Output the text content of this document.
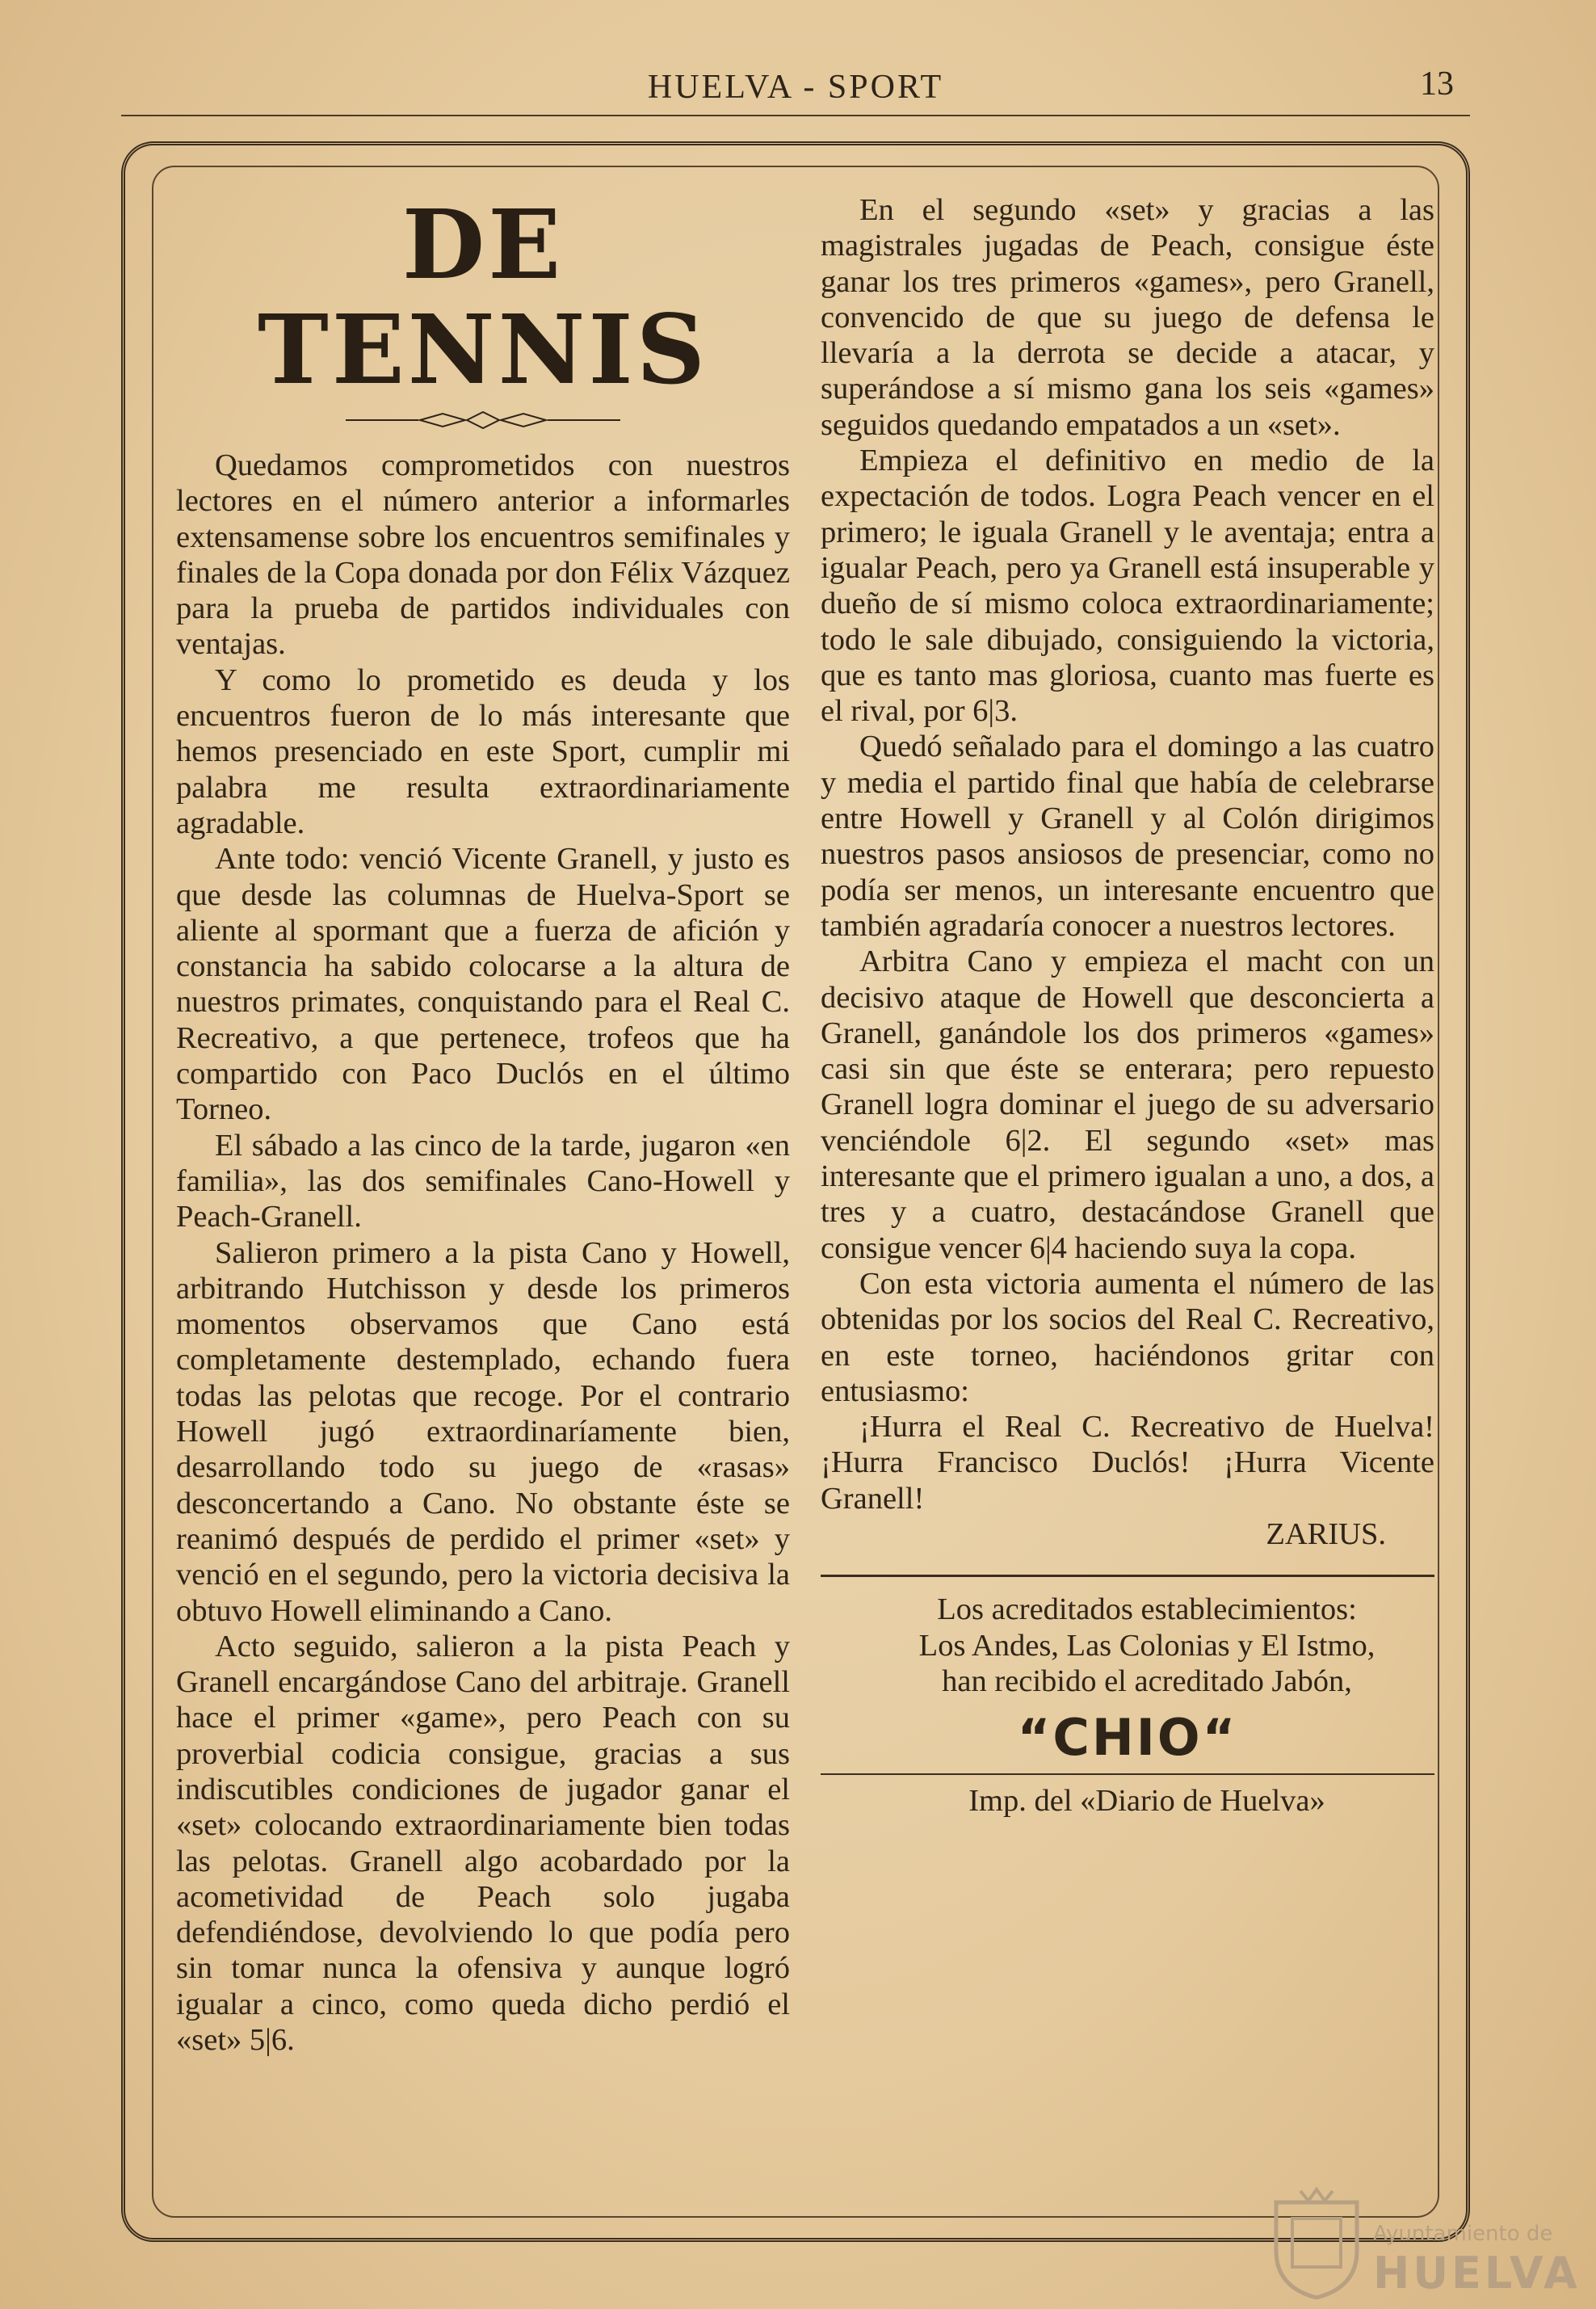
HUELVA - SPORT	13
DE TENNIS

Quedamos comprometidos con nuestros lectores en el número anterior a informarles extensamense sobre los encuentros semifinales y finales de la Copa donada por don Félix Vázquez para la prueba de partidos individuales con ventajas.

Y como lo prometido es deuda y los encuentros fueron de lo más interesante que hemos presenciado en este Sport, cumplir mi palabra me resulta extraordinariamente agradable.

Ante todo: venció Vicente Granell, y justo es que desde las columnas de Huelva-Sport se aliente al spormant que a fuerza de afición y constancia ha sabido colocarse a la altura de nuestros primates, conquistando para el Real C. Recreativo, a que pertenece, trofeos que ha compartido con Paco Duclós en el último Torneo.

El sábado a las cinco de la tarde, jugaron «en familia», las dos semifinales Cano-Howell y Peach-Granell.

Salieron primero a la pista Cano y Howell, arbitrando Hutchisson y desde los primeros momentos observamos que Cano está completamente destemplado, echando fuera todas las pelotas que recoge. Por el contrario Howell jugó extraordinaríamente bien, desarrollando todo su juego de «rasas» desconcertando a Cano. No obstante éste se reanimó después de perdido el primer «set» y venció en el segundo, pero la victoria decisiva la obtuvo Howell eliminando a Cano.

Acto seguido, salieron a la pista Peach y Granell encargándose Cano del arbitraje. Granell hace el primer «game», pero Peach con su proverbial codicia consigue, gracias a sus indiscutibles condiciones de jugador ganar el «set» colocando extraordinariamente bien todas las pelotas. Granell algo acobardado por la acometividad de Peach solo jugaba defendiéndose, devolviendo lo que podía pero sin tomar nunca la ofensiva y aunque logró igualar a cinco, como queda dicho perdió el «set» 5|6.

En el segundo «set» y gracias a las magistrales jugadas de Peach, consigue éste ganar los tres primeros «games», pero Granell, convencido de que su juego de defensa le llevaría a la derrota se decide a atacar, y superándose a sí mismo gana los seis «games» seguidos quedando empatados a un «set».

Empieza el definitivo en medio de la expectación de todos. Logra Peach vencer en el primero; le iguala Granell y le aventaja; entra a igualar Peach, pero ya Granell está insuperable y dueño de sí mismo coloca extraordinariamente; todo le sale dibujado, consiguiendo la victoria, que es tanto mas gloriosa, cuanto mas fuerte es el rival, por 6|3.

Quedó señalado para el domingo a las cuatro y media el partido final que había de celebrarse entre Howell y Granell y al Colón dirigimos nuestros pasos ansiosos de presenciar, como no podía ser menos, un interesante encuentro que también agradaría conocer a nuestros lectores.

Arbitra Cano y empieza el macht con un decisivo ataque de Howell que desconcierta a Granell, ganándole los dos primeros «games» casi sin que éste se enterara; pero repuesto Granell logra dominar el juego de su adversario venciéndole 6|2. El segundo «set» mas interesante que el primero igualan a uno, a dos, a tres y a cuatro, destacándose Granell que consigue vencer 6|4 haciendo suya la copa.

Con esta victoria aumenta el número de las obtenidas por los socios del Real C. Recreativo, en este torneo, haciéndonos gritar con entusiasmo:

¡Hurra el Real C. Recreativo de Huelva! ¡Hurra Francisco Duclós! ¡Hurra Vicente Granell!

ZARIUS.

Los acreditados establecimientos:

Los Andes, Las Colonias y El Istmo,

han recibido el acreditado Jabón,

“CHIO“

Imp. del «Diario de Huelva»

Ayuntamiento de
HUELVA
